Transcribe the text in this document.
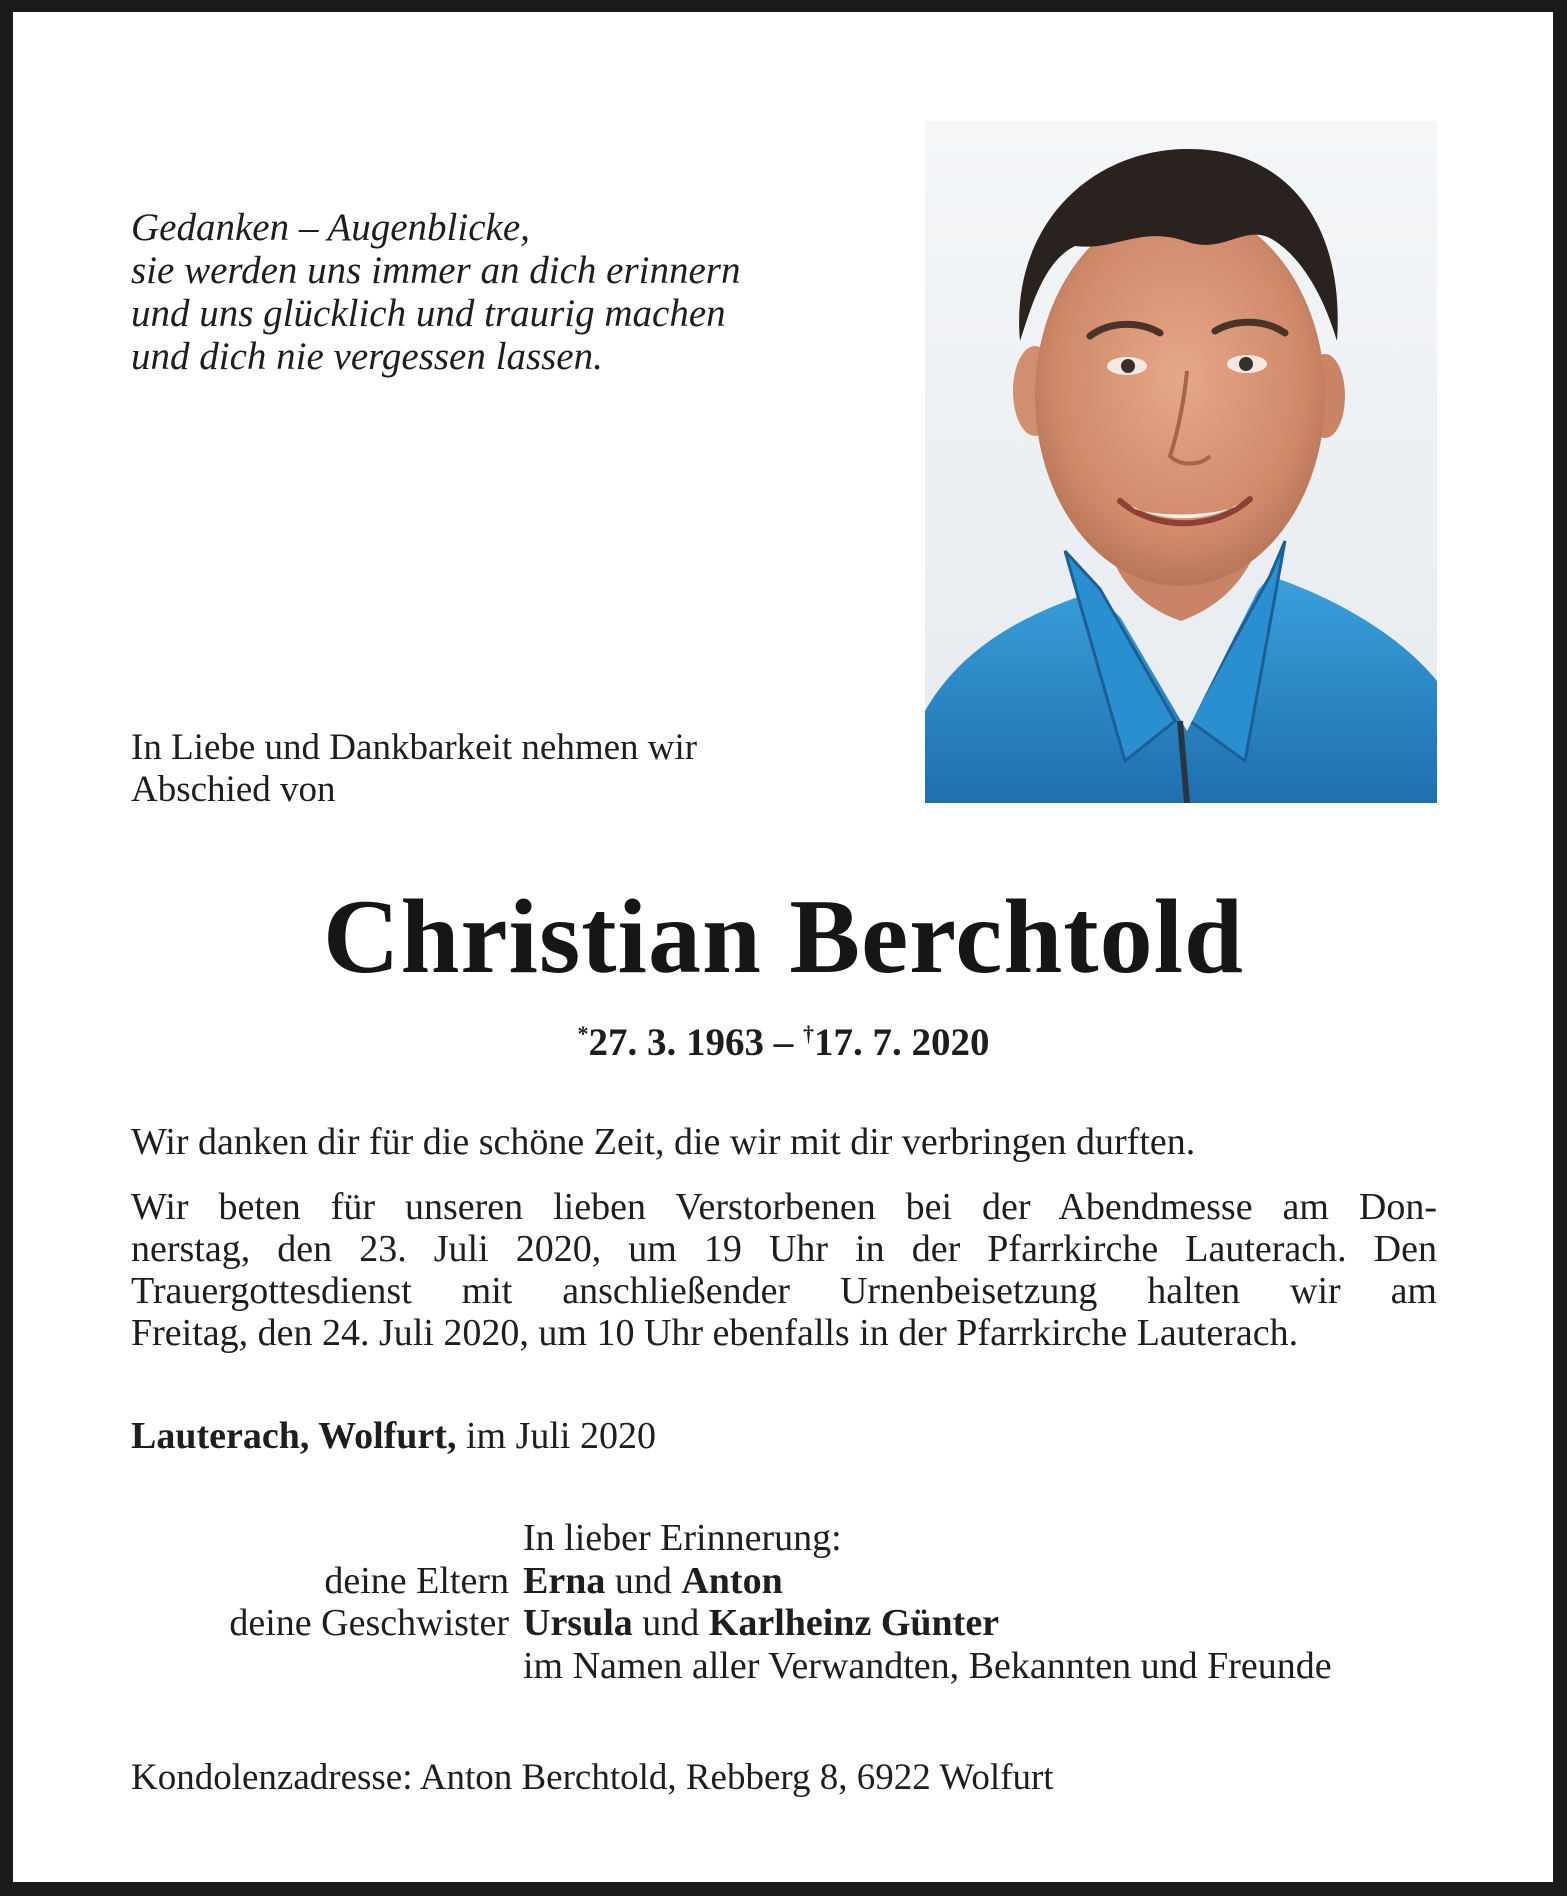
Gedanken – Augenblicke,
sie werden uns immer an dich erinnern
und uns glücklich und traurig machen
und dich nie vergessen lassen.

In Liebe und Dankbarkeit nehmen wir
Abschied von

Christian Berchtold

*27. 3. 1963 – †17. 7. 2020

Wir danken dir für die schöne Zeit, die wir mit dir verbringen durften.

Wir beten für unseren lieben Verstorbenen bei der Abendmesse am Don-
nerstag, den 23. Juli 2020, um 19 Uhr in der Pfarrkirche Lauterach. Den
Trauergottesdienst mit anschließender Urnenbeisetzung halten wir am
Freitag, den 24. Juli 2020, um 10 Uhr ebenfalls in der Pfarrkirche Lauterach.

Lauterach, Wolfurt, im Juli 2020

In lieber Erinnerung:
deine Eltern Erna und Anton
deine Geschwister Ursula und Karlheinz Günter
im Namen aller Verwandten, Bekannten und Freunde

Kondolenzadresse: Anton Berchtold, Rebberg 8, 6922 Wolfurt
